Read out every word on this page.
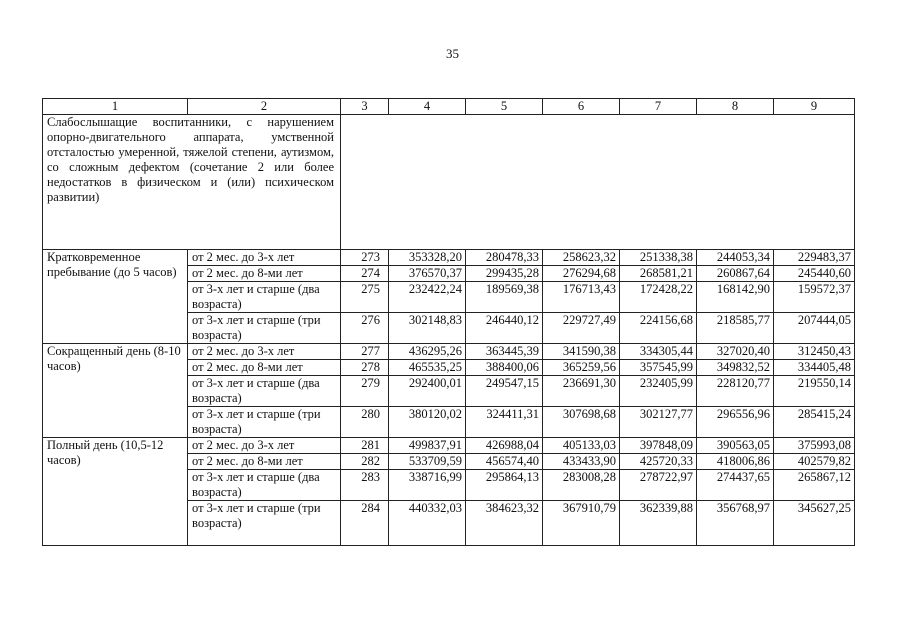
35
1	2	3	4	5	6	7	8	9
Слабослышащие воспитанники, с нарушением опорно-двигательного аппарата, умственной отсталостью умеренной, тяжелой степени, аутизмом, со сложным дефектом (сочетание 2 или более недостатков в физическом и (или) психическом развитии)								
Кратковременное пребывание (до 5 часов)	от 2 мес. до 3-х лет	273	353328,20	280478,33	258623,32	251338,38	244053,34	229483,37
	от 2 мес. до 8-ми лет	274	376570,37	299435,28	276294,68	268581,21	260867,64	245440,60
	от 3-х лет и старше (два возраста)	275	232422,24	189569,38	176713,43	172428,22	168142,90	159572,37
	от 3-х лет и старше (три возраста)	276	302148,83	246440,12	229727,49	224156,68	218585,77	207444,05
Сокращенный день (8-10 часов)	от 2 мес. до 3-х лет	277	436295,26	363445,39	341590,38	334305,44	327020,40	312450,43
	от 2 мес. до 8-ми лет	278	465535,25	388400,06	365259,56	357545,99	349832,52	334405,48
	от 3-х лет и старше (два возраста)	279	292400,01	249547,15	236691,30	232405,99	228120,77	219550,14
	от 3-х лет и старше (три возраста)	280	380120,02	324411,31	307698,68	302127,77	296556,96	285415,24
Полный день (10,5-12 часов)	от 2 мес. до 3-х лет	281	499837,91	426988,04	405133,03	397848,09	390563,05	375993,08
	от 2 мес. до 8-ми лет	282	533709,59	456574,40	433433,90	425720,33	418006,86	402579,82
	от 3-х лет и старше (два возраста)	283	338716,99	295864,13	283008,28	278722,97	274437,65	265867,12
	от 3-х лет и старше (три возраста)	284	440332,03	384623,32	367910,79	362339,88	356768,97	345627,25
